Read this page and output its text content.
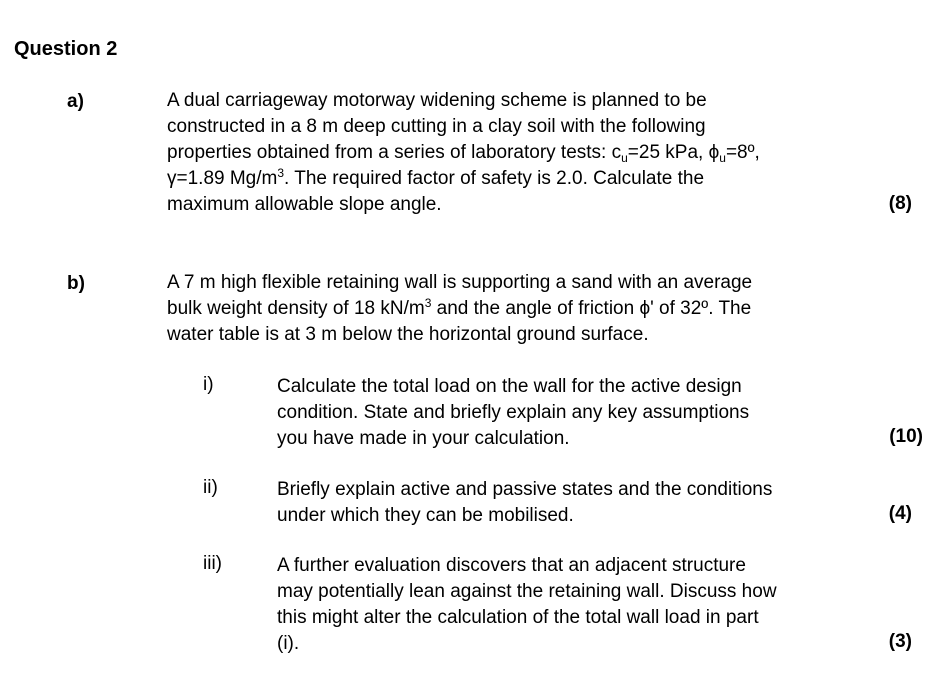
Question 2
a)	A dual carriageway motorway widening scheme is planned to be
constructed in a 8 m deep cutting in a clay soil with the following
properties obtained from a series of laboratory tests: $c_u=25$ kPa, $\phi_u=8º$,
γ=1.89 $Mg/m^3$. The required factor of safety is 2.0. Calculate the
maximum allowable slope angle.	(8)
b)	A 7 m high flexible retaining wall is supporting a sand with an average
bulk weight density of 18 $kN/m^3$ and the angle of friction ϕ' of 32º. The
water table is at 3 m below the horizontal ground surface.
i)	Calculate the total load on the wall for the active design
condition. State and briefly explain any key assumptions
you have made in your calculation.	(10)
ii)	Briefly explain active and passive states and the conditions
under which they can be mobilised.	(4)
iii)	A further evaluation discovers that an adjacent structure
may potentially lean against the retaining wall. Discuss how
this might alter the calculation of the total wall load in part
(i).	(3)
